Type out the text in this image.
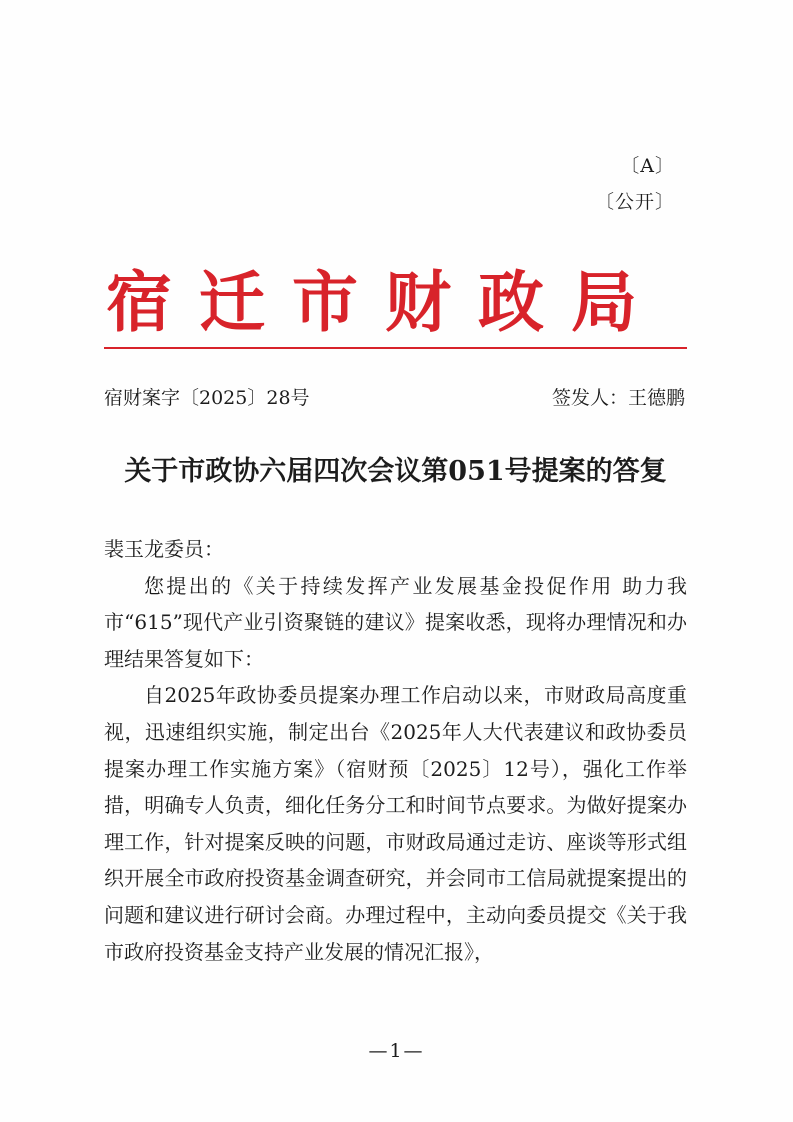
〔A〕
〔公开〕
宿迁市财政局
宿财案字〔2025〕28号	签发人：王德鹏
关于市政协六届四次会议第051号提案的答复

裴玉龙委员：

您提出的《关于持续发挥产业发展基金投促作用 助力我市“615”现代产业引资聚链的建议》提案收悉，现将办理情况和办理结果答复如下：

自2025年政协委员提案办理工作启动以来，市财政局高度重视，迅速组织实施，制定出台《2025年人大代表建议和政协委员提案办理工作实施方案》（宿财预〔2025〕12号），强化工作举措，明确专人负责，细化任务分工和时间节点要求。为做好提案办理工作，针对提案反映的问题，市财政局通过走访、座谈等形式组织开展全市政府投资基金调查研究，并会同市工信局就提案提出的问题和建议进行研讨会商。办理过程中，主动向委员提交《关于我市政府投资基金支持产业发展的情况汇报》，

—1—
